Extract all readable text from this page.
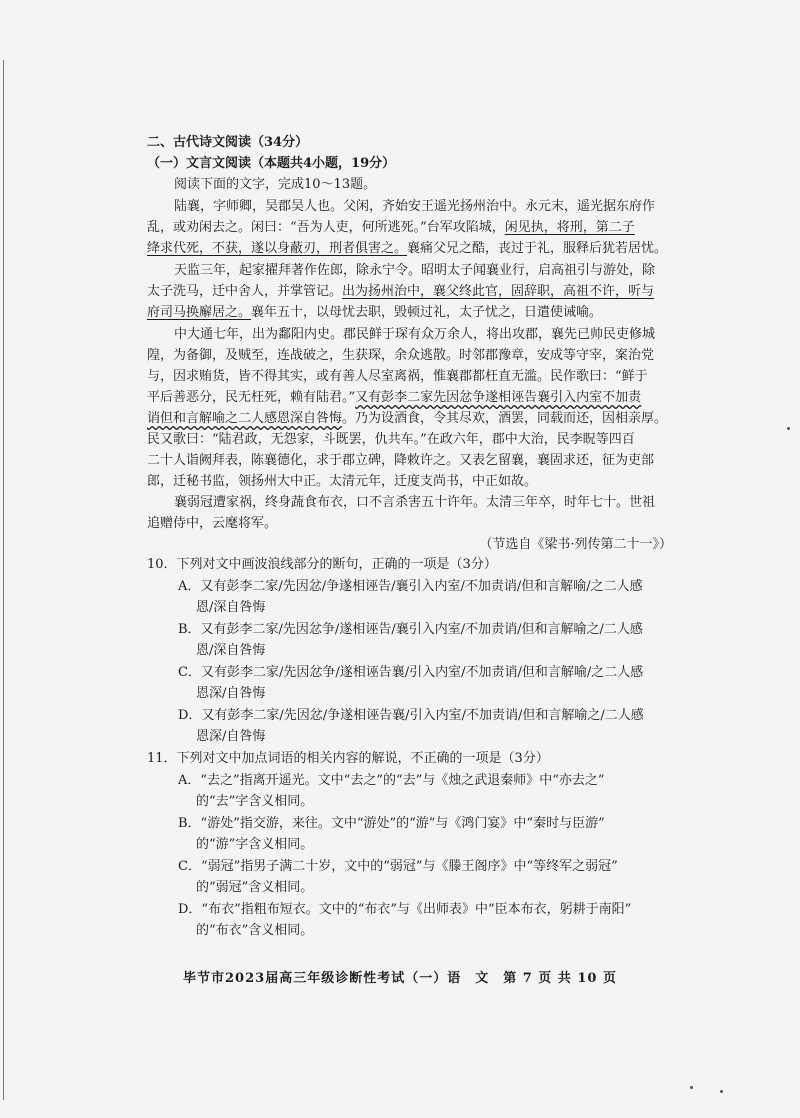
二、古代诗文阅读（34分）
（一）文言文阅读（本题共4小题，19分）
阅读下面的文字，完成10～13题。
陆襄，字师卿，吴郡吴人也。父闲，齐始安王遥光扬州治中。永元末，遥光据东府作
乱，或劝闲去之。闲曰：“吾为人吏，何所逃死。”台军攻陷城，闲见执，将刑，第二子
绛求代死，不获，遂以身蔽刃，刑者俱害之。襄痛父兄之酷，丧过于礼，服释后犹若居忧。
天监三年，起家擢拜著作佐郎，除永宁令。昭明太子闻襄业行，启高祖引与游处，除
太子洗马，迁中舍人，并掌管记。出为扬州治中，襄父终此官，固辞职，高祖不许，听与
府司马换廨居之。襄年五十，以母忧去职，毁顿过礼，太子忧之，日遣使诫喻。
中大通七年，出为鄱阳内史。郡民鲜于琛有众万余人，将出攻郡，襄先已帅民吏修城
隍，为备御，及贼至，连战破之，生获琛，余众逃散。时邻郡豫章，安成等守宰，案治党
与，因求贿货，皆不得其实，或有善人尽室离祸，惟襄郡都枉直无滥。民作歌曰：“鲜于
平后善恶分，民无枉死，赖有陆君。”又有彭李二家先因忿争遂相诬告襄引入内室不加责
诮但和言解喻之二人感恩深自咎悔。乃为设酒食，令其尽欢，酒罢，同载而还，因相亲厚。
民又歌曰：“陆君政，无怨家，斗既罢，仇共车。”在政六年，郡中大治，民李眖等四百
二十人诣阙拜表，陈襄德化，求于郡立碑，降敕许之。又表乞留襄，襄固求还，征为吏部
郎，迁秘书监，领扬州大中正。太清元年，迁度支尚书，中正如故。
襄弱冠遭家祸，终身蔬食布衣，口不言杀害五十许年。太清三年卒，时年七十。世祖
追赠侍中，云麾将军。
（节选自《梁书·列传第二十一》）
10．下列对文中画波浪线部分的断句，正确的一项是（3分）
A．又有彭李二家/先因忿/争遂相诬告/襄引入内室/不加责诮/但和言解喻/之二人感
恩/深自咎悔
B．又有彭李二家/先因忿争/遂相诬告/襄引入内室/不加责诮/但和言解喻之/二人感
恩/深自咎悔
C．又有彭李二家/先因忿争/遂相诬告襄/引入内室/不加责诮/但和言解喻/之二人感
恩深/自咎悔
D．又有彭李二家/先因忿/争遂相诬告襄/引入内室/不加责诮/但和言解喻之/二人感
恩深/自咎悔
11．下列对文中加点词语的相关内容的解说，不正确的一项是（3分）
A．“去之”指离开遥光。文中“去之”的“去”与《烛之武退秦师》中“亦去之”
的“去”字含义相同。
B．“游处”指交游，来往。文中“游处”的“游”与《鸿门宴》中“秦时与臣游”
的“游”字含义相同。
C．“弱冠”指男子满二十岁，文中的“弱冠”与《滕王阁序》中“等终军之弱冠”
的“弱冠”含义相同。
D．“布衣”指粗布短衣。文中的“布衣”与《出师表》中“臣本布衣，躬耕于南阳”
的“布衣”含义相同。
毕节市2023届高三年级诊断性考试（一）语　文　第 7 页 共 10 页
